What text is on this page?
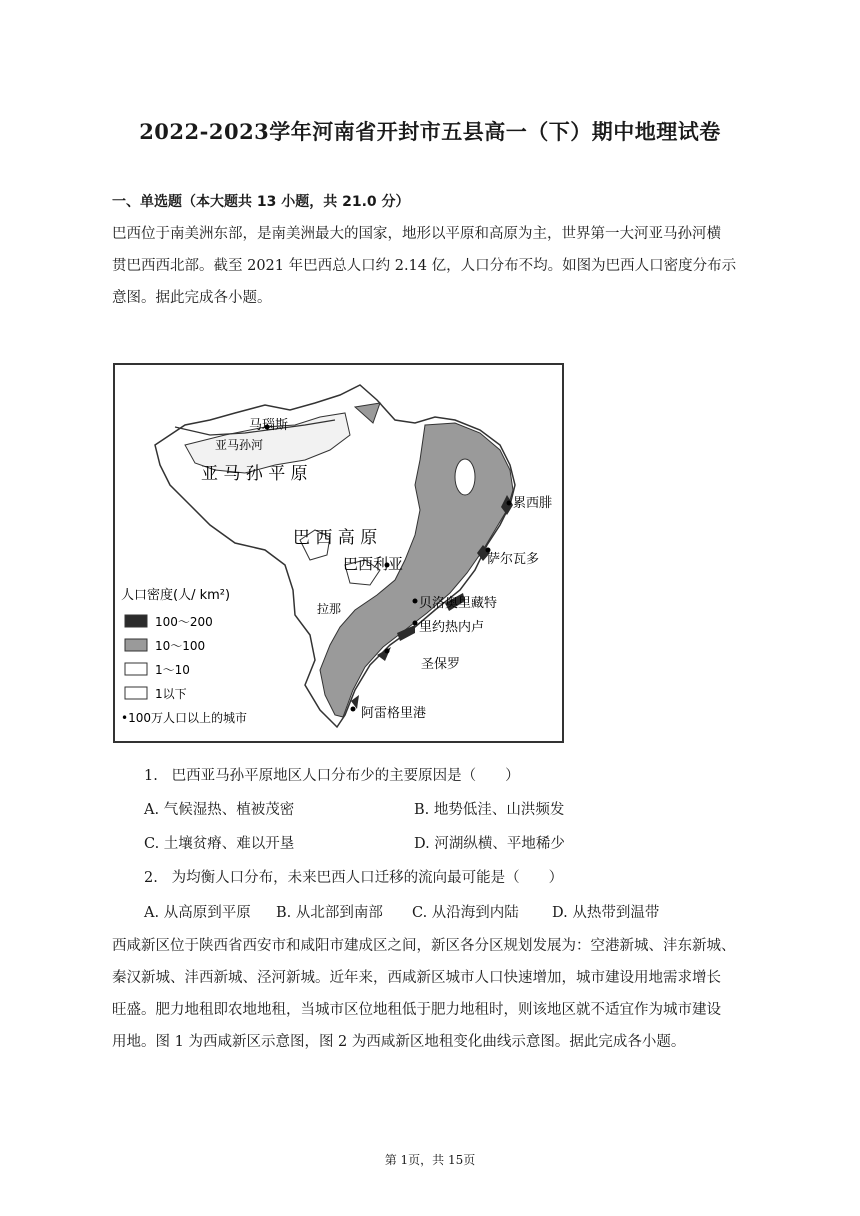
2022-2023学年河南省开封市五县高一（下）期中地理试卷
一、单选题（本大题共 13 小题，共 21.0 分）

巴西位于南美洲东部，是南美洲最大的国家，地形以平原和高原为主，世界第一大河亚马孙河横

贯巴西西北部。截至 2021 年巴西总人口约 2.14 亿，人口分布不均。如图为巴西人口密度分布示

意图。据此完成各小题。

马瑙斯
亚马孙河
亚 马 孙 平 原
巴 西 高 原
巴西利亚
累西腓
萨尔瓦多
贝洛奥里藏特
里约热内卢
圣保罗
阿雷格里港
拉那
人口密度(人/ km²)
100～200
10～100
1～10
1以下
•100万人口以上的城市
1. 巴西亚马孙平原地区人口分布少的主要原因是（　　）
A. 气候湿热、植被茂密	B. 地势低洼、山洪频发
C. 土壤贫瘠、难以开垦	D. 河湖纵横、平地稀少
2. 为均衡人口分布，未来巴西人口迁移的流向最可能是（　　）
A. 从高原到平原 B. 从北部到南部 C. 从沿海到内陆 D. 从热带到温带

西咸新区位于陕西省西安市和咸阳市建成区之间，新区各分区规划发展为：空港新城、沣东新城、

秦汉新城、沣西新城、泾河新城。近年来，西咸新区城市人口快速增加，城市建设用地需求增长

旺盛。肥力地租即农地地租，当城市区位地租低于肥力地租时，则该地区就不适宜作为城市建设

用地。图 1 为西咸新区示意图，图 2 为西咸新区地租变化曲线示意图。据此完成各小题。

第 1页，共 15页
